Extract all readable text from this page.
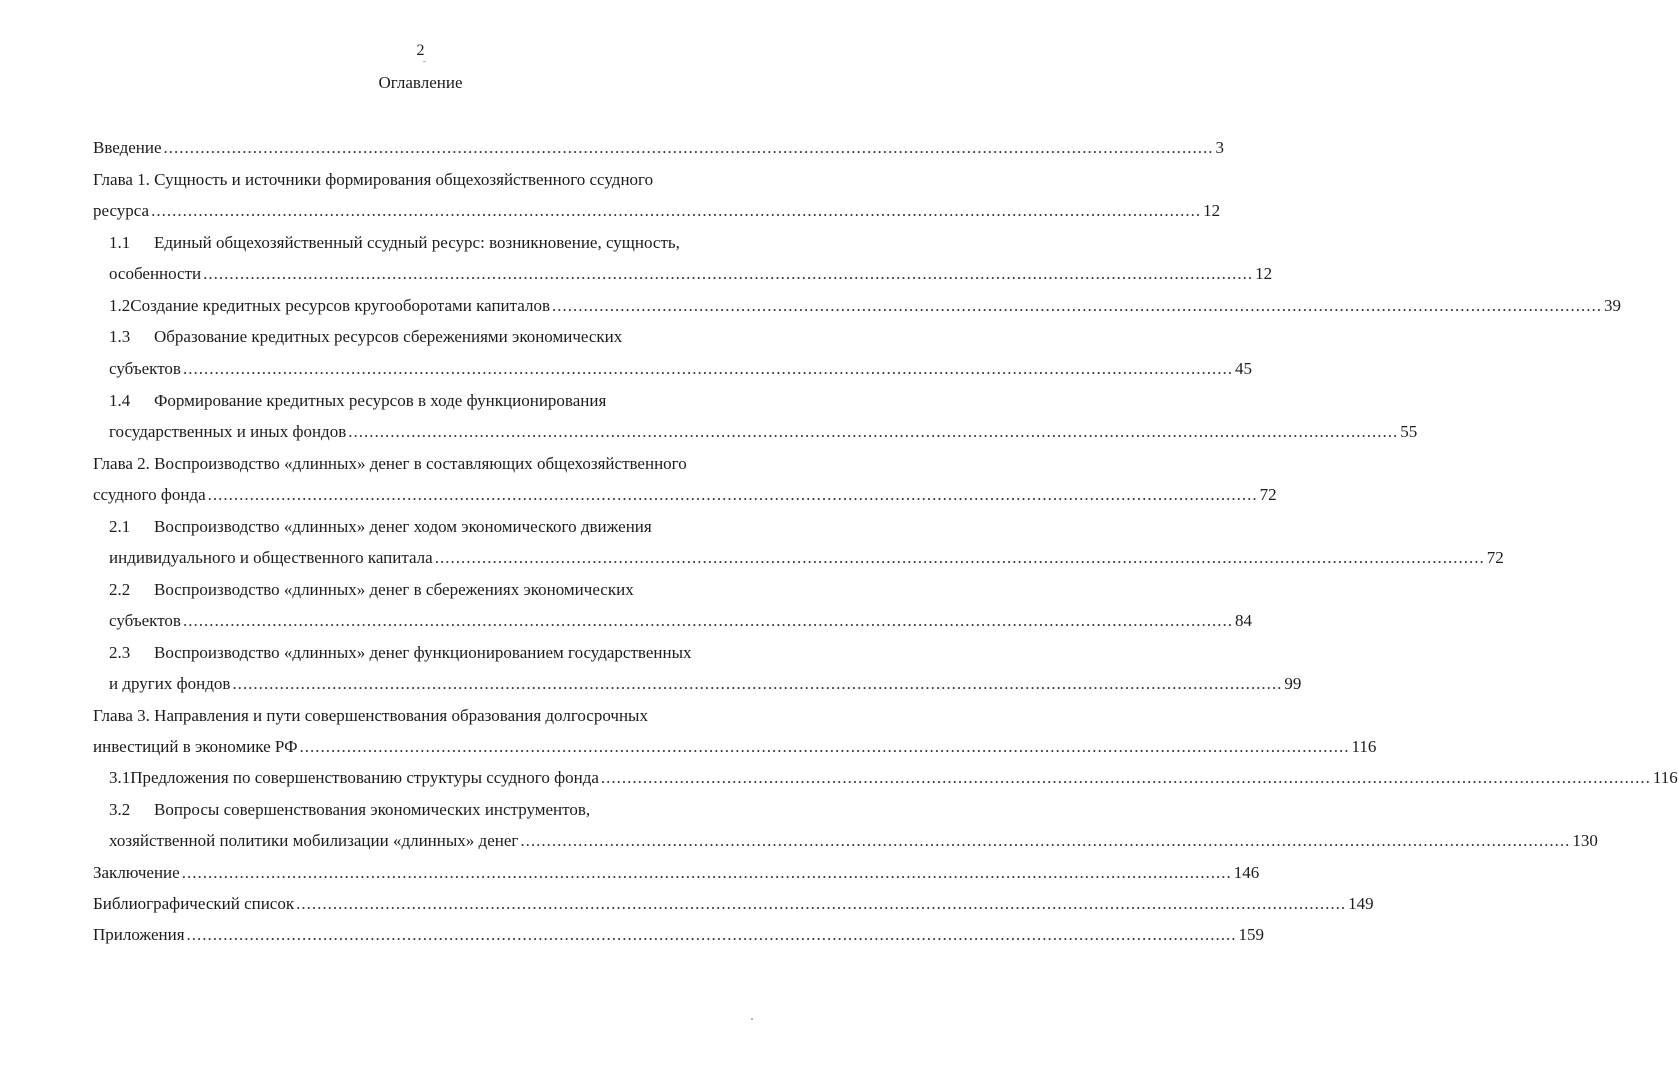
2
Оглавление
Введение ........................................................................................................................................................................................................ 3
Глава 1. Сущность и источники формирования общехозяйственного ссудного
ресурса ........................................................................................................................................................................................................ 12
1.1	Единый общехозяйственный ссудный ресурс: возникновение, сущность,
особенности ........................................................................................................................................................................................................ 12
1.2 Создание кредитных ресурсов кругооборотами капиталов ........................................................................................................................................................................................................ 39
1.3	Образование кредитных ресурсов сбережениями экономических
субъектов ........................................................................................................................................................................................................ 45
1.4	Формирование кредитных ресурсов в ходе функционирования
государственных и иных фондов ........................................................................................................................................................................................................ 55
Глава 2. Воспроизводство «длинных» денег в составляющих общехозяйственного
ссудного фонда ........................................................................................................................................................................................................ 72
2.1	Воспроизводство «длинных» денег ходом экономического движения
индивидуального и общественного капитала ........................................................................................................................................................................................................ 72
2.2	Воспроизводство «длинных» денег в сбережениях экономических
субъектов ........................................................................................................................................................................................................ 84
2.3	Воспроизводство «длинных» денег функционированием государственных
и других фондов ........................................................................................................................................................................................................ 99
Глава 3. Направления и пути совершенствования образования долгосрочных
инвестиций в экономике РФ ........................................................................................................................................................................................................ 116
3.1 Предложения по совершенствованию структуры ссудного фонда ........................................................................................................................................................................................................ 116
3.2	Вопросы совершенствования экономических инструментов,
хозяйственной политики мобилизации «длинных» денег ........................................................................................................................................................................................................ 130
Заключение ........................................................................................................................................................................................................ 146
Библиографический список ........................................................................................................................................................................................................ 149
Приложения ........................................................................................................................................................................................................ 159
